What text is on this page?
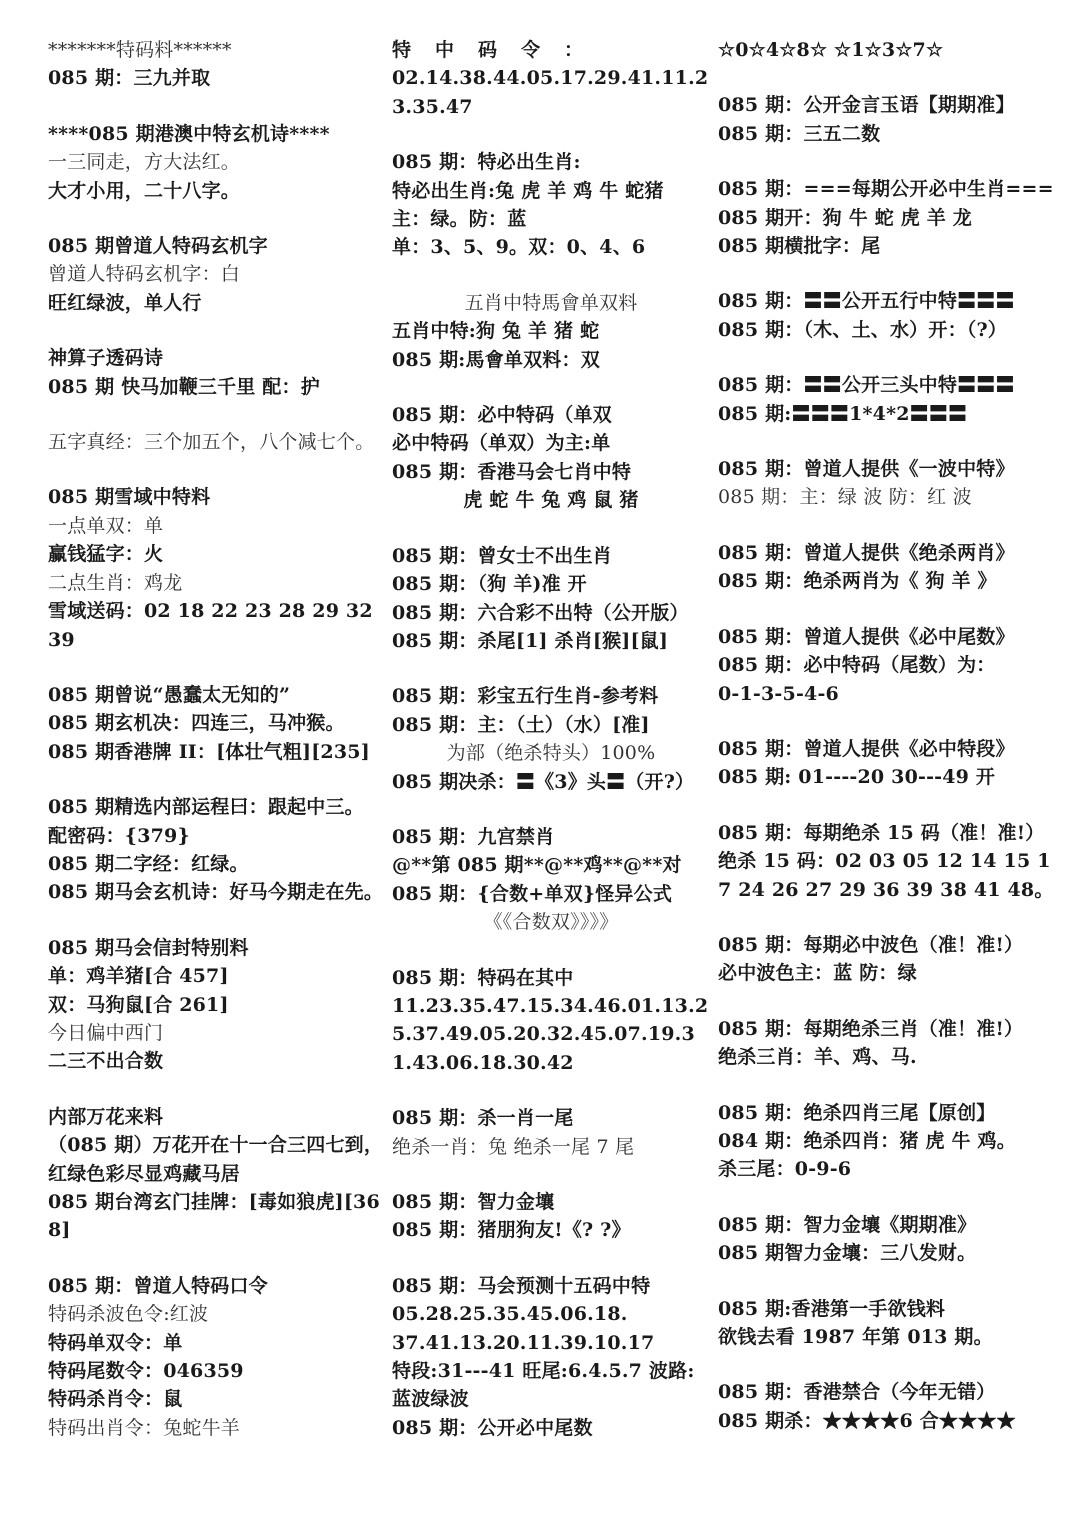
*******特码料******
085 期：三九并取
****085 期港澳中特玄机诗****
一三同走，方大法红。
大才小用，二十八字。
085 期曾道人特码玄机字
曾道人特码玄机字：白
旺红绿波，单人行
神算子透码诗
085 期 快马加鞭三千里 配：护
五字真经：三个加五个，八个减七个。
085 期雪域中特料
一点单双：单
赢钱猛字：火
二点生肖：鸡龙
雪域送码：02 18 22 23 28 29 32 39
085 期曾说“愚蠢太无知的”
085 期玄机决：四连三，马冲猴。
085 期香港牌 II：[体壮气粗][235]
085 期精选内部运程曰：跟起中三。
配密码：{379}
085 期二字经：红绿。
085 期马会玄机诗：好马今期走在先。
085 期马会信封特别料
单：鸡羊猪[合 457]
双：马狗鼠[合 261]
今日偏中西门
二三不出合数
内部万花来料
（085 期）万花开在十一合三四七到，红绿色彩尽显鸡藏马居
085 期台湾玄门挂牌：[毒如狼虎][368]
085 期：曾道人特码口令
特码杀波色令:红波
特码单双令：单
特码尾数令：046359
特码杀肖令：鼠
特码出肖令：兔蛇牛羊
特中码令：
02.14.38.44.05.17.29.41.11.23.35.47
085 期：特必出生肖:
特必出生肖:兔 虎 羊 鸡 牛 蛇猪
主：绿。防：蓝
单：3、5、9。双：0、4、6
五肖中特馬會单双料
五肖中特:狗 兔 羊 猪 蛇
085 期:馬會单双料：双
085 期：必中特码（单双
必中特码（单双）为主:单
085 期：香港马会七肖中特
虎 蛇 牛 兔 鸡 鼠 猪
085 期：曾女士不出生肖
085 期：（狗 羊)准 开
085 期：六合彩不出特（公开版）
085 期：杀尾[1] 杀肖[猴][鼠]
085 期：彩宝五行生肖-参考料
085 期：主：（土）（水）[准]
为部（绝杀特头）100%
085 期决杀：〓《3》头〓（开?）
085 期：九宫禁肖
@**第 085 期**@**鸡**@**对
085 期：{合数+单双}怪异公式
《《合数双》》》》
085 期：特码在其中
11.23.35.47.15.34.46.01.13.25.37.49.05.20.32.45.07.19.31.43.06.18.30.42
085 期：杀一肖一尾
绝杀一肖：兔 绝杀一尾 7 尾
085 期：智力金壤
085 期：猪朋狗友!《? ?》
085 期：马会预测十五码中特
05.28.25.35.45.06.18.
37.41.13.20.11.39.10.17
特段:31---41 旺尾:6.4.5.7 波路:蓝波绿波
085 期：公开必中尾数
☆0☆4☆8☆ ☆1☆3☆7☆
085 期：公开金言玉语【期期准】
085 期：三五二数
085 期：===每期公开必中生肖===
085 期开：狗 牛 蛇 虎 羊 龙
085 期横批字：尾
085 期：〓〓公开五行中特〓〓〓
085 期：（木、土、水）开：（?）
085 期：〓〓公开三头中特〓〓〓
085 期:〓〓〓1*4*2〓〓〓
085 期：曾道人提供《一波中特》
085 期：主：绿 波 防：红 波
085 期：曾道人提供《绝杀两肖》
085 期：绝杀两肖为《 狗 羊 》
085 期：曾道人提供《必中尾数》
085 期：必中特码（尾数）为：
0-1-3-5-4-6
085 期：曾道人提供《必中特段》
085 期: 01----20 30---49 开
085 期：每期绝杀 15 码（准！准!）
绝杀 15 码：02 03 05 12 14 15 17 24 26 27 29 36 39 38 41 48。
085 期：每期必中波色（准！准!）
必中波色主：蓝 防：绿
085 期：每期绝杀三肖（准！准!）
绝杀三肖：羊、鸡、马.
085 期：绝杀四肖三尾【原创】
084 期：绝杀四肖：猪 虎 牛 鸡。
杀三尾：0-9-6
085 期：智力金壤《期期准》
085 期智力金壤：三八发财。
085 期:香港第一手欲钱料
欲钱去看 1987 年第 013 期。
085 期：香港禁合（今年无错）
085 期杀：★★★★6 合★★★★
